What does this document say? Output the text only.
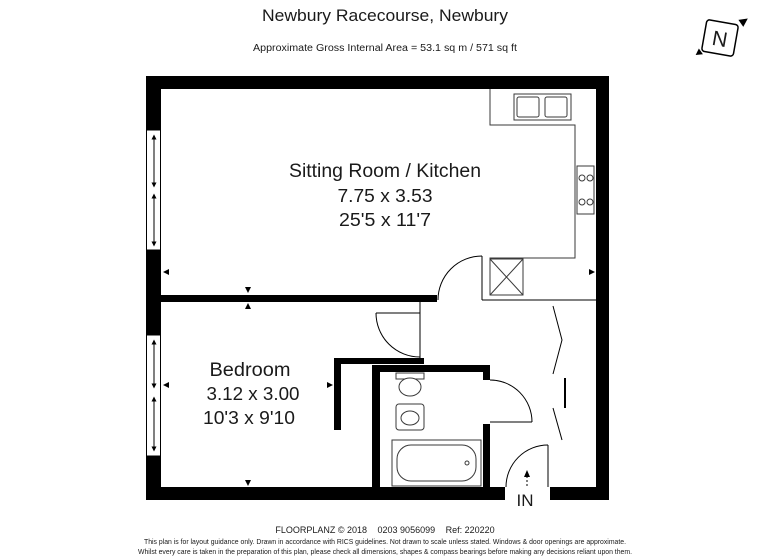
Newbury Racecourse, Newbury
Approximate Gross Internal Area = 53.1 sq m / 571 sq ft	N
Sitting Room / Kitchen
7.75 x 3.53
25'5 x 11'7
Bedroom
3.12 x 3.00
10'3 x 9'10
IN
FLOORPLANZ © 2018 0203 9056099 Ref: 220220
This plan is for layout guidance only. Drawn in accordance with RICS guidelines. Not drawn to scale unless stated. Windows & door openings are approximate.
Whilst every care is taken in the preparation of this plan, please check all dimensions, shapes & compass bearings before making any decisions reliant upon them.
